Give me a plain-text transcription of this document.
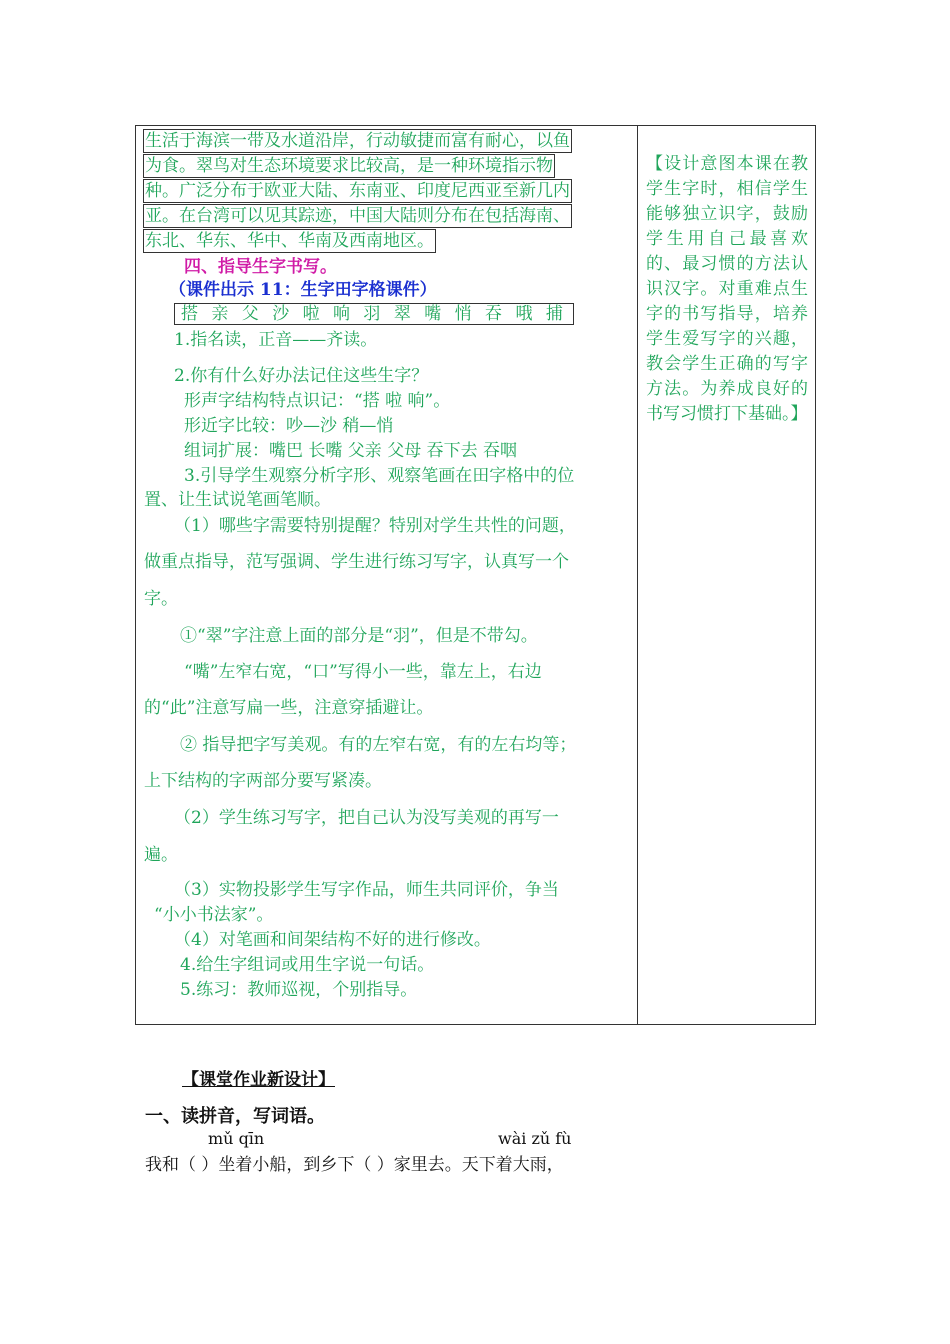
生活于海滨一带及水道沿岸，行动敏捷而富有耐心，以鱼
为食。翠鸟对生态环境要求比较高，是一种环境指示物
种。广泛分布于欧亚大陆、东南亚、印度尼西亚至新几内
亚。在台湾可以见其踪迹，中国大陆则分布在包括海南、
东北、华东、华中、华南及西南地区。
四、指导生字书写。
（课件出示 11：生字田字格课件）
搭 亲 父 沙 啦 响 羽 翠 嘴 悄 吞 哦 捕
1.指名读，正音——齐读。
2.你有什么好办法记住这些生字？
形声字结构特点识记：“搭 啦 响”。
形近字比较：吵—沙 稍—悄
组词扩展：嘴巴 长嘴 父亲 父母 吞下去 吞咽
3.引导学生观察分析字形、观察笔画在田字格中的位
置、让生试说笔画笔顺。
（1）哪些字需要特别提醒？特别对学生共性的问题，
做重点指导，范写强调、学生进行练习写字，认真写一个
字。
①“翠”字注意上面的部分是“羽”，但是不带勾。
“嘴”左窄右宽，“口”写得小一些，靠左上，右边
的“此”注意写扁一些，注意穿插避让。
② 指导把字写美观。有的左窄右宽，有的左右均等；
上下结构的字两部分要写紧凑。
（2）学生练习写字，把自己认为没写美观的再写一
遍。
（3）实物投影学生写字作品，师生共同评价，争当
“小小书法家”。
（4）对笔画和间架结构不好的进行修改。
4.给生字组词或用生字说一句话。
5.练习：教师巡视，个别指导。
【设计意图本课在教学生字时，相信学生能够独立识字，鼓励学生用自己最喜欢的、最习惯的方法认识汉字。对重难点生字的书写指导，培养学生爱写字的兴趣，教会学生正确的写字方法。为养成良好的书写习惯打下基础。】
【课堂作业新设计】
一、读拼音，写词语。
mǔ qīn	wài zǔ fù
我和（ ）坐着小船，到乡下（ ）家里去。天下着大雨，
